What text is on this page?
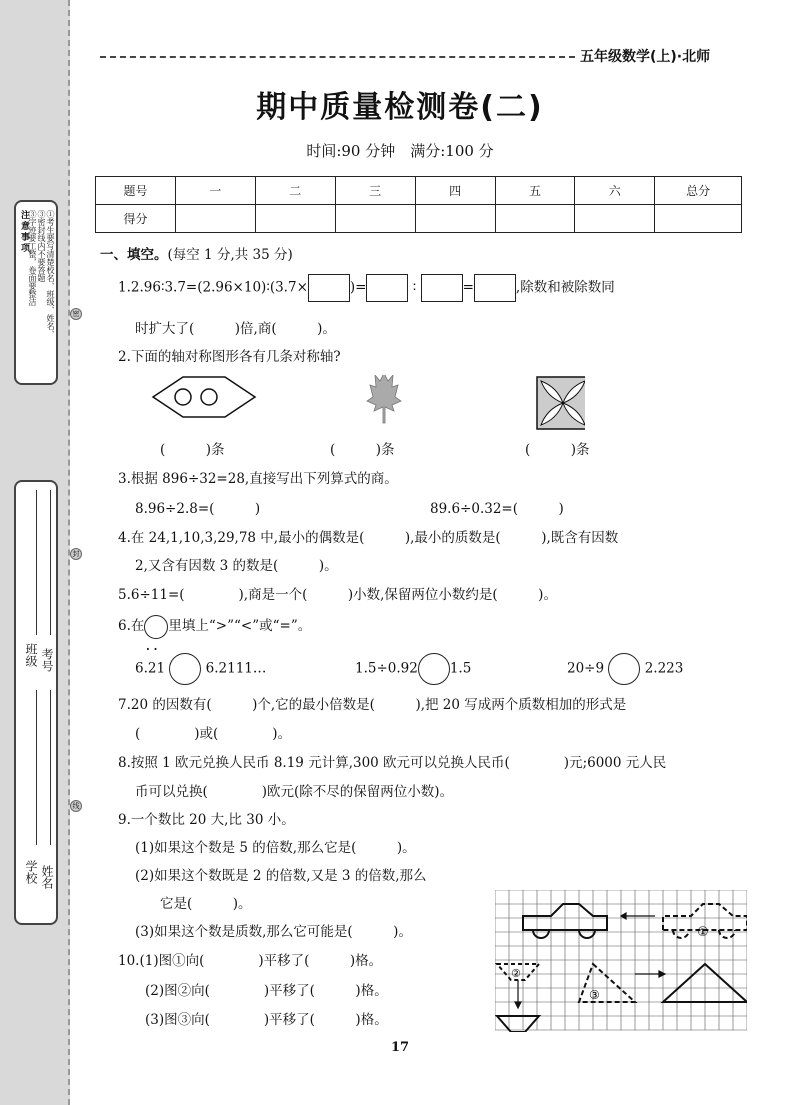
注意事项 ①考生要写清楚校名、班级、姓名、
③密封线内不要答题
③字迹要工整，卷面要整洁
密
封
线
班级 考号
学校 姓名
五年级数学(上)·北师
期中质量检测卷(二)
时间:90 分钟　满分:100 分
题号	一	二	三	四	五	六	总分
得分							
一、填空。(每空 1 分,共 35 分)
1.2.96∶3.7=(2.96×10)∶(3.7×	)=	∶	=	,除数和被除数同
时扩大了(　　　)倍,商(　　　)。
2.下面的轴对称图形各有几条对称轴?
(　　　)条	(　　　)条	(　　　)条
3.根据 896÷32=28,直接写出下列算式的商。
8.96÷2.8=(　　　)	89.6÷0.32=(　　　)
4.在 24,1,10,3,29,78 中,最小的偶数是(　　　),最小的质数是(　　　),既含有因数
2,又含有因数 3 的数是(　　　)。
5.6÷11=(　　　　),商是一个(　　　)小数,保留两位小数约是(　　　)。
6.在 里填上“>”“<”或“=”。
· ·
6.21	6.2111…	1.5÷0.92 1.5	20÷9	2.223
7.20 的因数有(　　　)个,它的最小倍数是(　　　),把 20 写成两个质数相加的形式是
(　　　　)或(　　　　)。
8.按照 1 欧元兑换人民币 8.19 元计算,300 欧元可以兑换人民币(　　　　)元;6000 元人民
币可以兑换(　　　　)欧元(除不尽的保留两位小数)。
9.一个数比 20 大,比 30 小。
(1)如果这个数是 5 的倍数,那么它是(　　　)。
(2)如果这个数既是 2 的倍数,又是 3 的倍数,那么
它是(　　　)。
(3)如果这个数是质数,那么它可能是(　　　)。
10.(1)图①向(　　　　)平移了(　　　)格。
(2)图②向(　　　　)平移了(　　　)格。
(3)图③向(　　　　)平移了(　　　)格。
①
②
③
17
